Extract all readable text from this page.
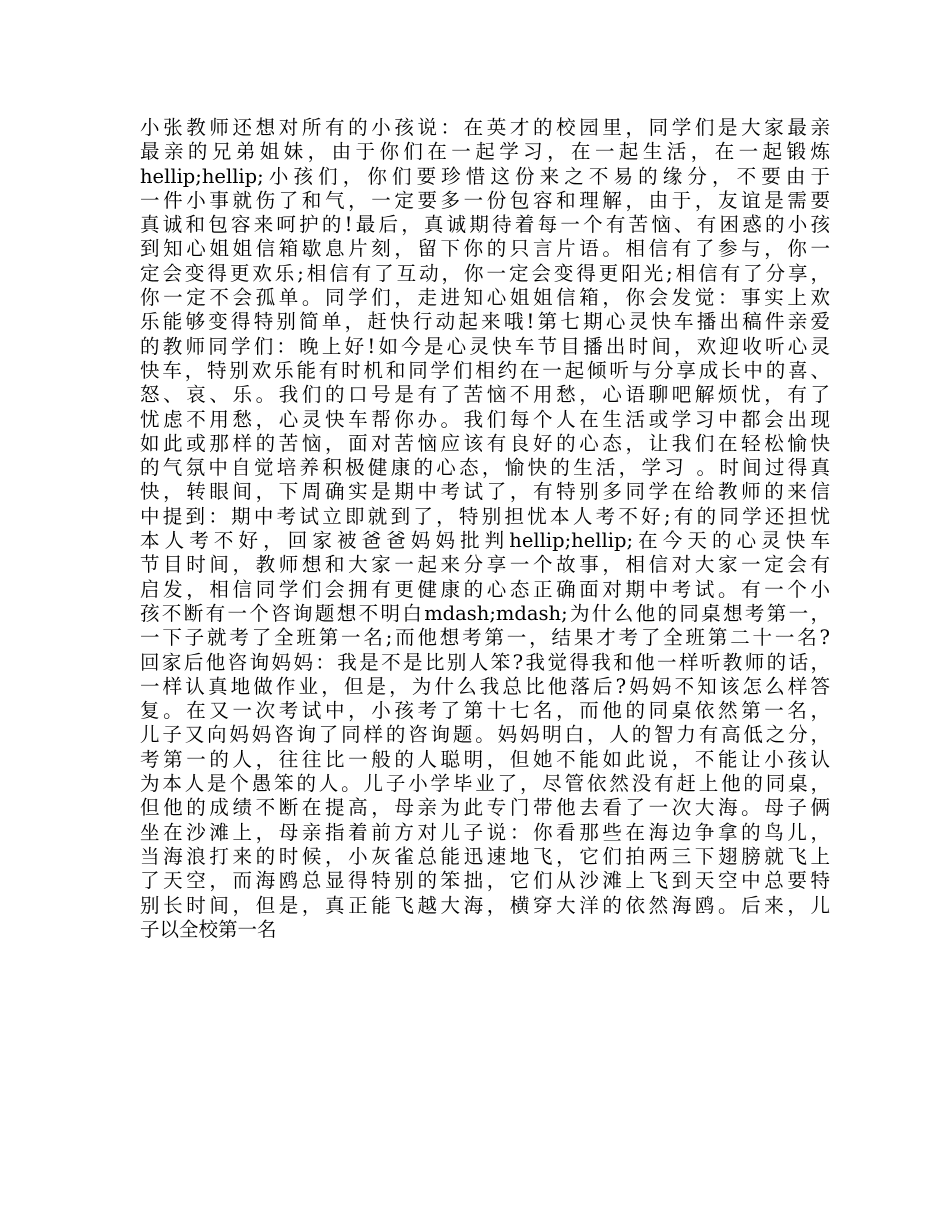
小张教师还想对所有的小孩说：在英才的校园里，同学们是大家最亲
最亲的兄弟姐妹，由于你们在一起学习，在一起生活，在一起锻炼
hellip;hellip;小孩们，你们要珍惜这份来之不易的缘分，不要由于
一件小事就伤了和气，一定要多一份包容和理解，由于，友谊是需要
真诚和包容来呵护的!最后，真诚期待着每一个有苦恼、有困惑的小孩
到知心姐姐信箱歇息片刻，留下你的只言片语。相信有了参与，你一
定会变得更欢乐;相信有了互动，你一定会变得更阳光;相信有了分享，
你一定不会孤单。同学们，走进知心姐姐信箱，你会发觉：事实上欢
乐能够变得特别简单，赶快行动起来哦!第七期心灵快车播出稿件亲爱
的教师同学们：晚上好!如今是心灵快车节目播出时间，欢迎收听心灵
快车，特别欢乐能有时机和同学们相约在一起倾听与分享成长中的喜、
怒、哀、乐。我们的口号是有了苦恼不用愁，心语聊吧解烦忧，有了
忧虑不用愁，心灵快车帮你办。我们每个人在生活或学习中都会出现
如此或那样的苦恼，面对苦恼应该有良好的心态，让我们在轻松愉快
的气氛中自觉培养积极健康的心态，愉快的生活，学习 。时间过得真
快，转眼间，下周确实是期中考试了，有特别多同学在给教师的来信
中提到：期中考试立即就到了，特别担忧本人考不好;有的同学还担忧
本人考不好，回家被爸爸妈妈批判hellip;hellip;在今天的心灵快车
节目时间，教师想和大家一起来分享一个故事，相信对大家一定会有
启发，相信同学们会拥有更健康的心态正确面对期中考试。有一个小
孩不断有一个咨询题想不明白mdash;mdash;为什么他的同桌想考第一，
一下子就考了全班第一名;而他想考第一，结果才考了全班第二十一名?
回家后他咨询妈妈：我是不是比别人笨?我觉得我和他一样听教师的话，
一样认真地做作业，但是，为什么我总比他落后?妈妈不知该怎么样答
复。在又一次考试中，小孩考了第十七名，而他的同桌依然第一名，
儿子又向妈妈咨询了同样的咨询题。妈妈明白，人的智力有高低之分，
考第一的人，往往比一般的人聪明，但她不能如此说，不能让小孩认
为本人是个愚笨的人。儿子小学毕业了，尽管依然没有赶上他的同桌，
但他的成绩不断在提高，母亲为此专门带他去看了一次大海。母子俩
坐在沙滩上，母亲指着前方对儿子说：你看那些在海边争拿的鸟儿，
当海浪打来的时候，小灰雀总能迅速地飞，它们拍两三下翅膀就飞上
了天空，而海鸥总显得特别的笨拙，它们从沙滩上飞到天空中总要特
别长时间，但是，真正能飞越大海，横穿大洋的依然海鸥。后来，儿
子以全校第一名
